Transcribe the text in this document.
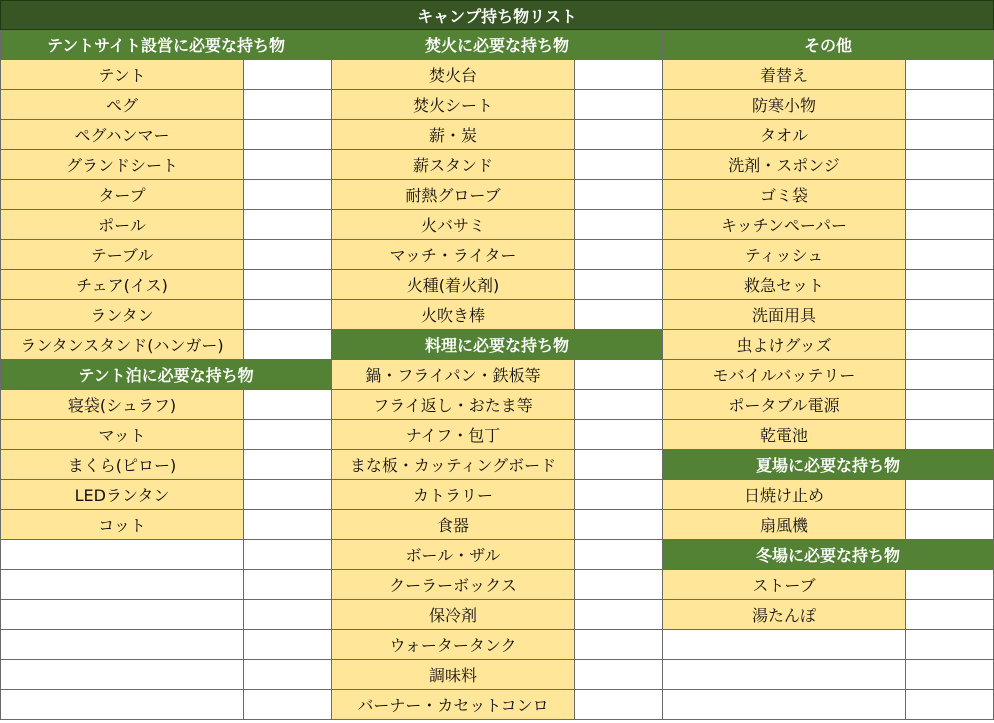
キャンプ持ち物リスト
テントサイト設営に必要な持ち物
テント
ペグ
ペグハンマー
グランドシート
タープ
ポール
テーブル
チェア(イス)
ランタン
ランタンスタンド(ハンガー)
テント泊に必要な持ち物
寝袋(シュラフ)
マット
まくら(ピロー)
LEDランタン
コット
焚火に必要な持ち物
焚火台
焚火シート
薪・炭
薪スタンド
耐熱グローブ
火バサミ
マッチ・ライター
火種(着火剤)
火吹き棒
料理に必要な持ち物
鍋・フライパン・鉄板等
フライ返し・おたま等
ナイフ・包丁
まな板・カッティングボード
カトラリー
食器
ボール・ザル
クーラーボックス
保冷剤
ウォータータンク
調味料
バーナー・カセットコンロ
その他
着替え
防寒小物
タオル
洗剤・スポンジ
ゴミ袋
キッチンペーパー
ティッシュ
救急セット
洗面用具
虫よけグッズ
モバイルバッテリー
ポータブル電源
乾電池
夏場に必要な持ち物
日焼け止め
扇風機
冬場に必要な持ち物
ストーブ
湯たんぽ
